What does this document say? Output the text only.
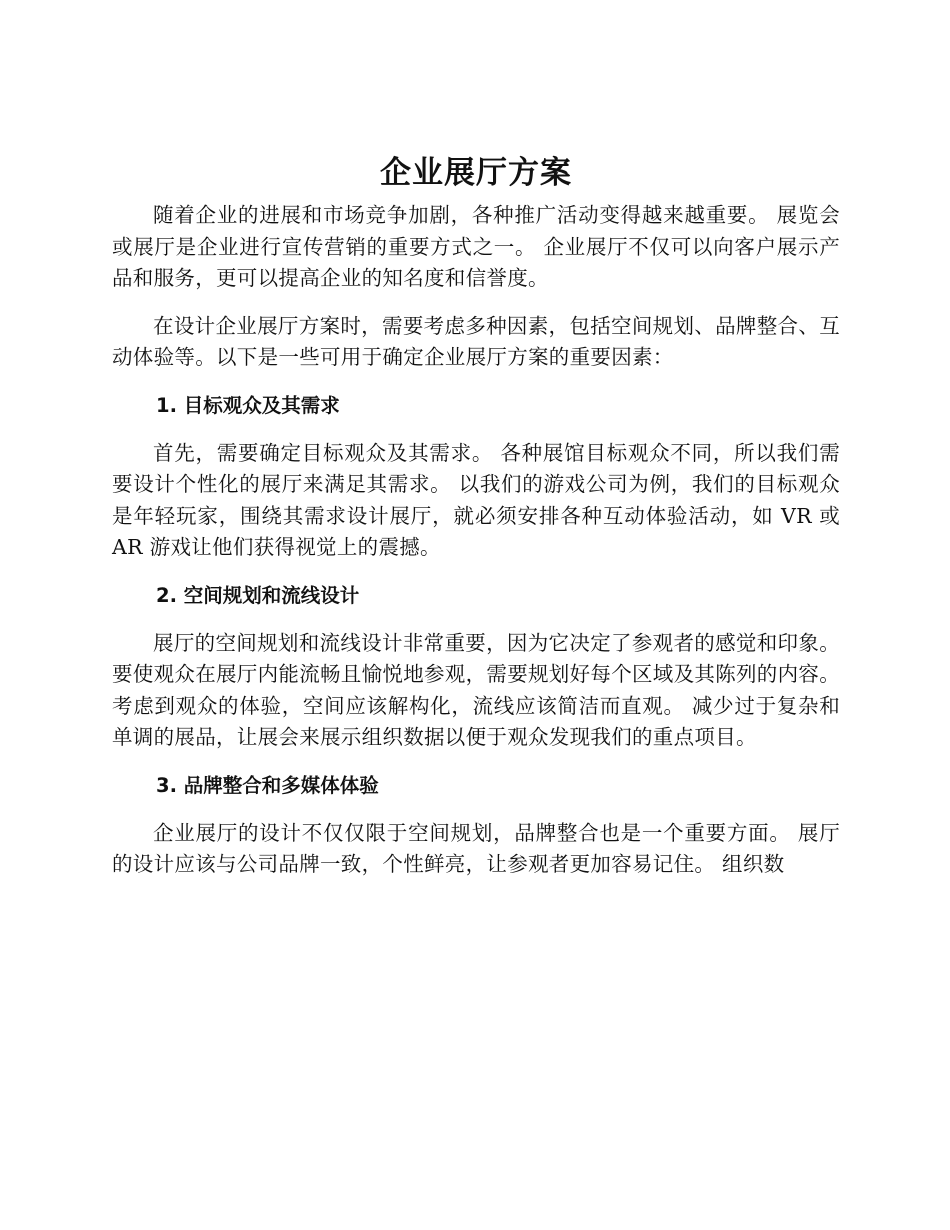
企业展厅方案

随着企业的进展和市场竞争加剧，各种推广活动变得越来越重要。 展览会或展厅是企业进行宣传营销的重要方式之一。 企业展厅不仅可以向客户展示产品和服务，更可以提高企业的知名度和信誉度。

在设计企业展厅方案时，需要考虑多种因素，包括空间规划、品牌整合、互动体验等。以下是一些可用于确定企业展厅方案的重要因素：

1. 目标观众及其需求

首先，需要确定目标观众及其需求。 各种展馆目标观众不同，所以我们需要设计个性化的展厅来满足其需求。 以我们的游戏公司为例，我们的目标观众是年轻玩家，围绕其需求设计展厅，就必须安排各种互动体验活动，如 VR 或 AR 游戏让他们获得视觉上的震撼。

2. 空间规划和流线设计

展厅的空间规划和流线设计非常重要，因为它决定了参观者的感觉和印象。 要使观众在展厅内能流畅且愉悦地参观，需要规划好每个区域及其陈列的内容。 考虑到观众的体验，空间应该解构化，流线应该简洁而直观。 减少过于复杂和单调的展品，让展会来展示组织数据以便于观众发现我们的重点项目。

3. 品牌整合和多媒体体验

企业展厅的设计不仅仅限于空间规划，品牌整合也是一个重要方面。 展厅的设计应该与公司品牌一致，个性鲜亮，让参观者更加容易记住。 组织数
